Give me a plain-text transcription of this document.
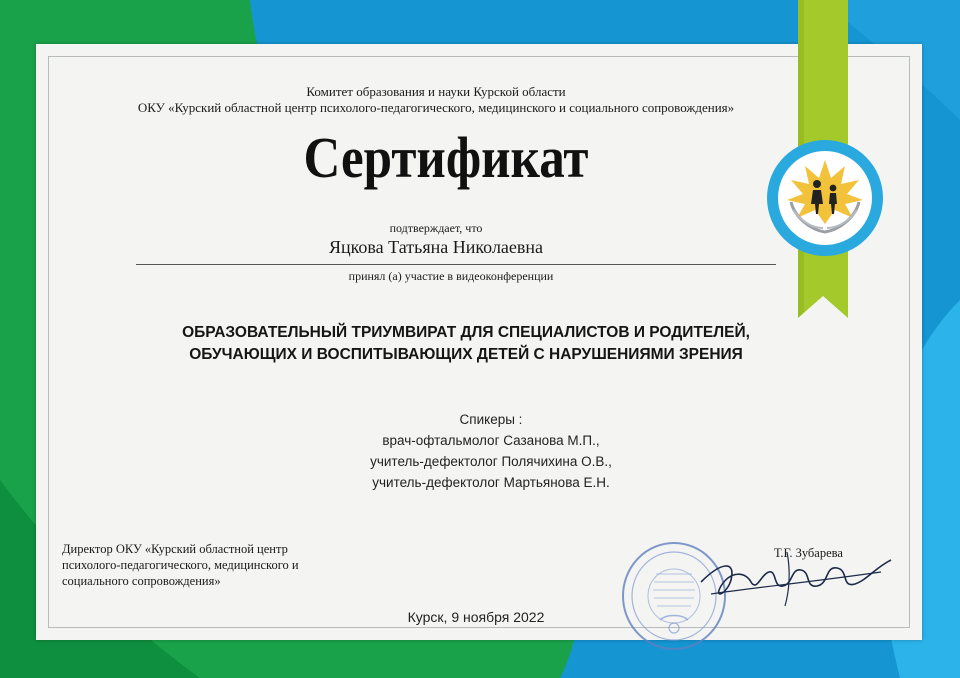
Комитет образования и науки Курской области
ОКУ «Курский областной центр психолого-педагогического, медицинского и социального сопровождения»
Сертификат
подтверждает, что
Яцкова Татьяна Николаевна
принял (а) участие в видеоконференции
ОБРАЗОВАТЕЛЬНЫЙ ТРИУМВИРАТ ДЛЯ СПЕЦИАЛИСТОВ И РОДИТЕЛЕЙ,
ОБУЧАЮЩИХ И ВОСПИТЫВАЮЩИХ ДЕТЕЙ С НАРУШЕНИЯМИ ЗРЕНИЯ
Спикеры :
врач-офтальмолог Сазанова М.П.,
учитель-дефектолог Полячихина О.В.,
учитель-дефектолог Мартьянова Е.Н.
Директор ОКУ «Курский областной центр
психолого-педагогического, медицинского и
социального сопровождения»
Т.Г. Зубарева
Курск, 9 ноября 2022
